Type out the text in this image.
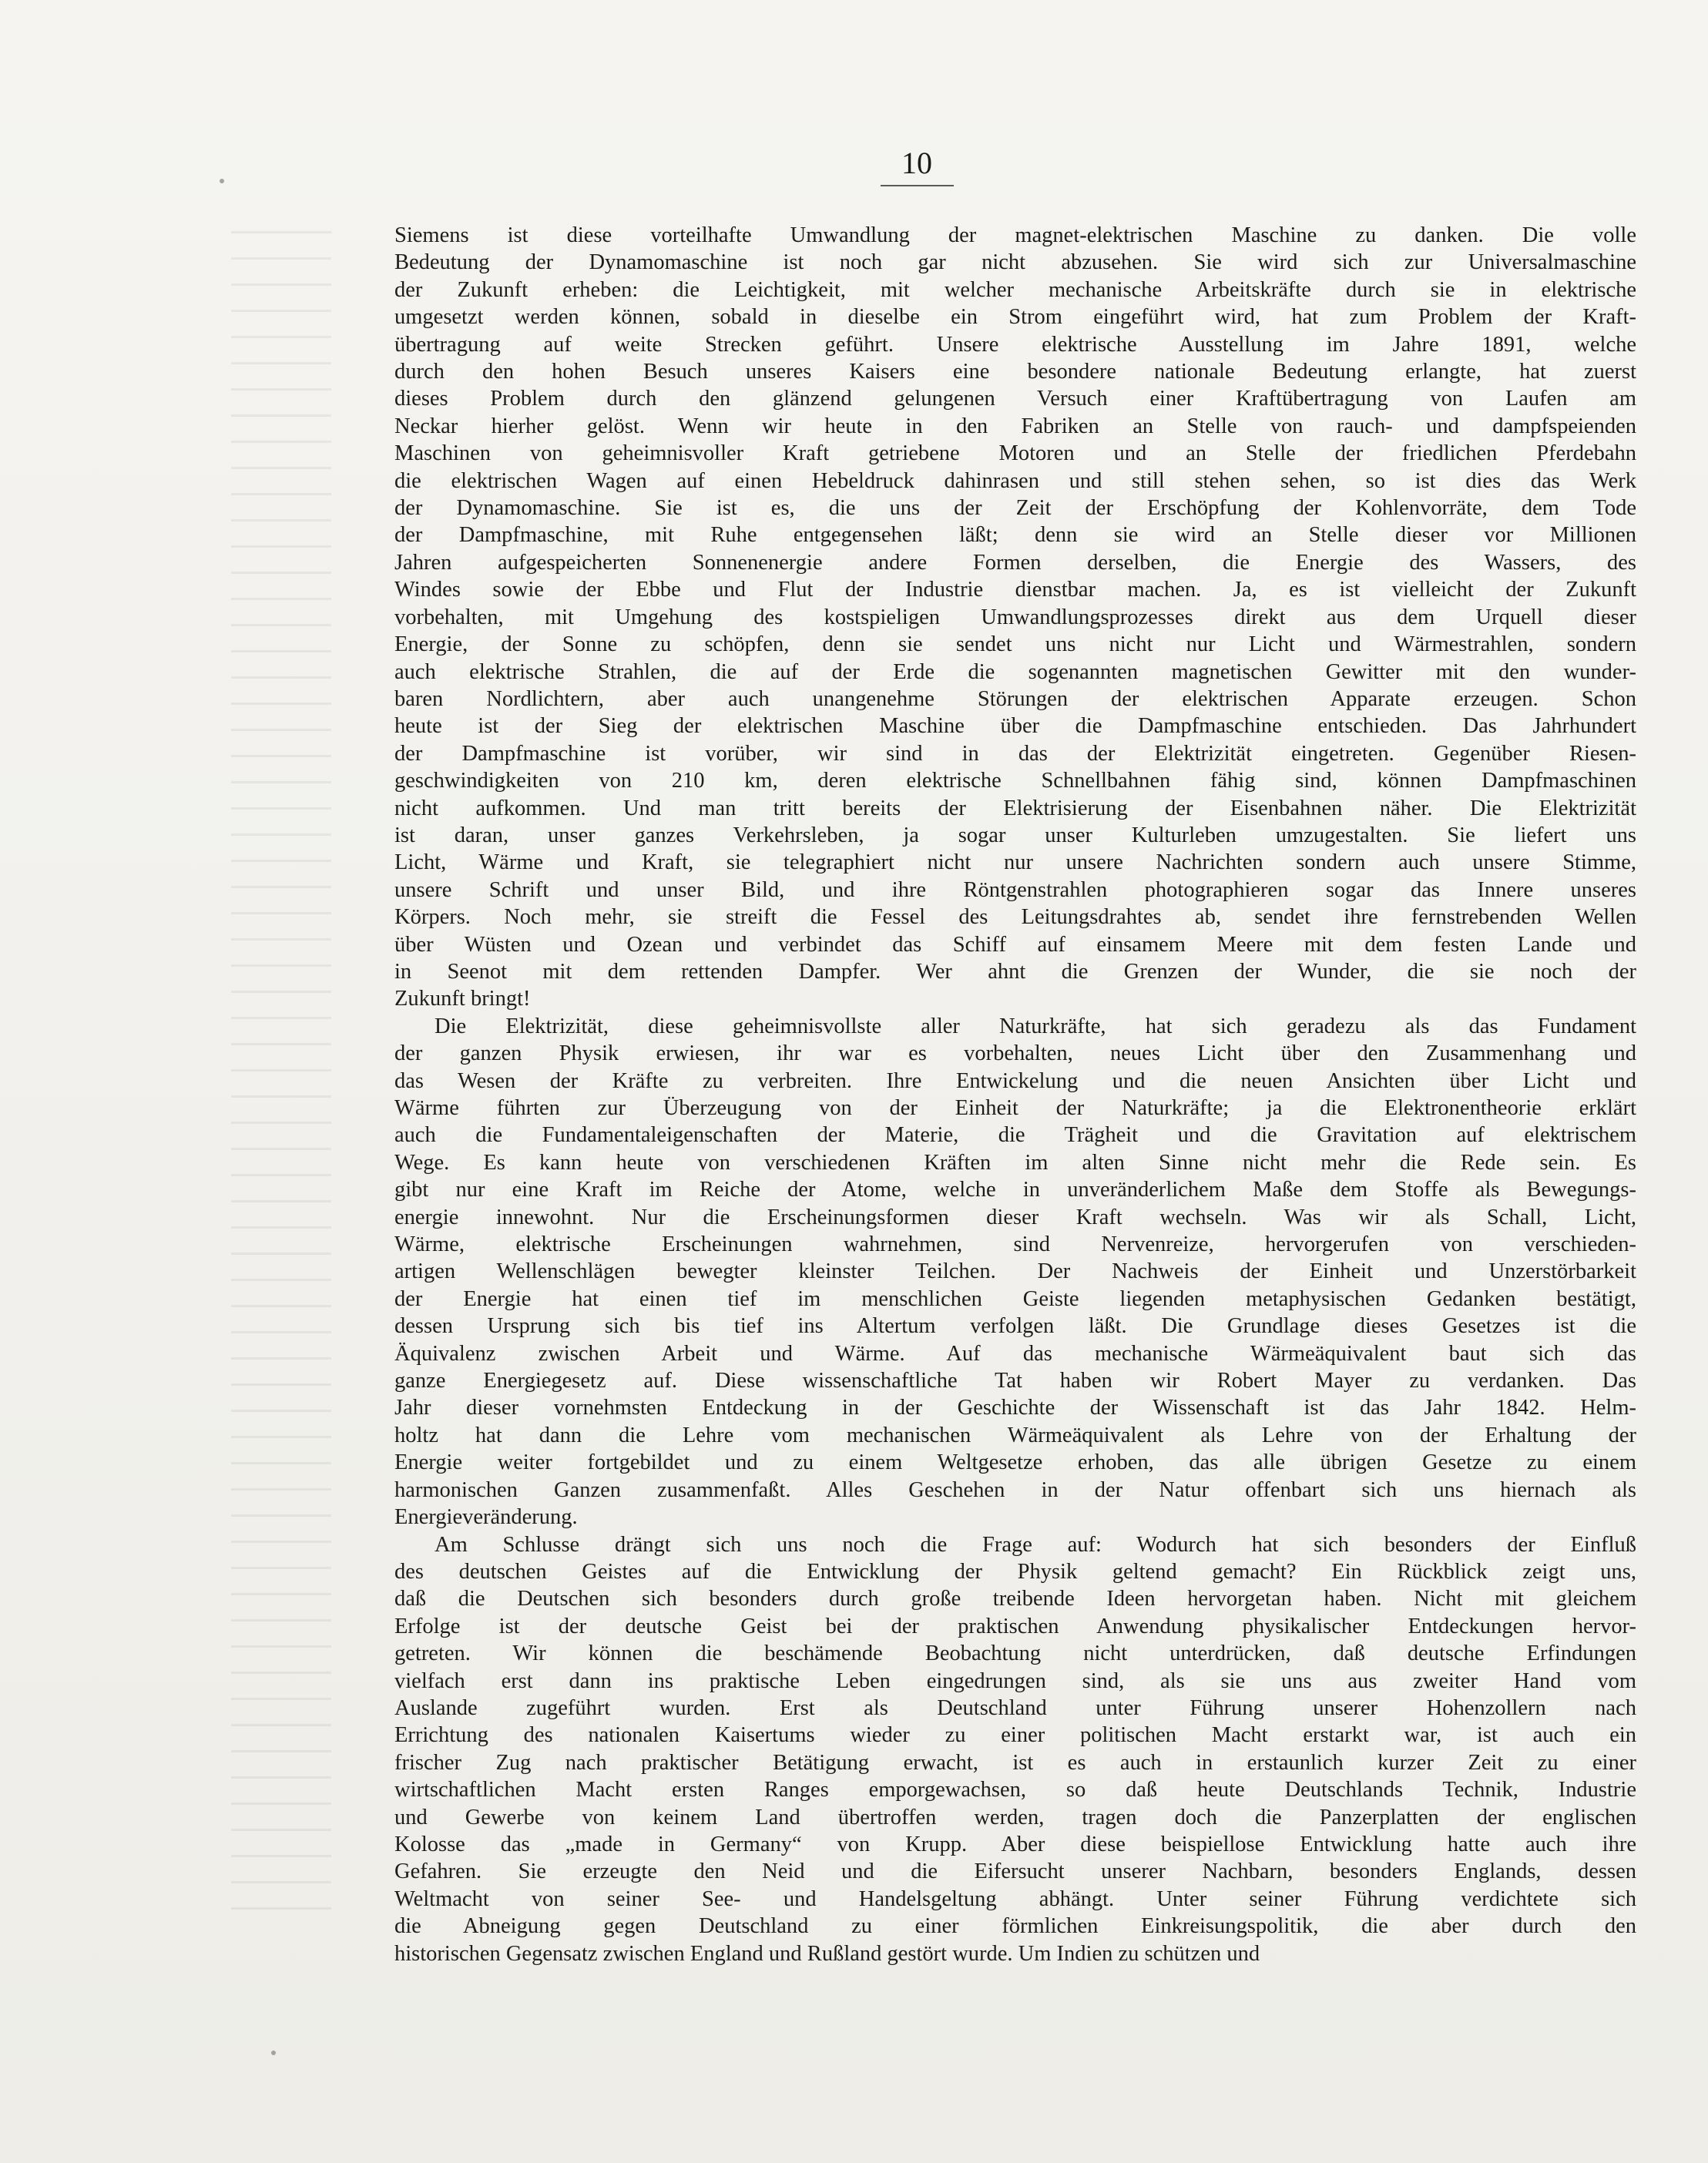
10

Siemens ist diese vorteilhafte Umwandlung der magnet-elektrischen Maschine zu danken. Die volle
Bedeutung der Dynamomaschine ist noch gar nicht abzusehen. Sie wird sich zur Universalmaschine
der Zukunft erheben: die Leichtigkeit, mit welcher mechanische Arbeitskräfte durch sie in elektrische
umgesetzt werden können, sobald in dieselbe ein Strom eingeführt wird, hat zum Problem der Kraft-
übertragung auf weite Strecken geführt. Unsere elektrische Ausstellung im Jahre 1891, welche
durch den hohen Besuch unseres Kaisers eine besondere nationale Bedeutung erlangte, hat zuerst
dieses Problem durch den glänzend gelungenen Versuch einer Kraftübertragung von Laufen am
Neckar hierher gelöst. Wenn wir heute in den Fabriken an Stelle von rauch- und dampfspeienden
Maschinen von geheimnisvoller Kraft getriebene Motoren und an Stelle der friedlichen Pferdebahn
die elektrischen Wagen auf einen Hebeldruck dahinrasen und still stehen sehen, so ist dies das Werk
der Dynamomaschine. Sie ist es, die uns der Zeit der Erschöpfung der Kohlenvorräte, dem Tode
der Dampfmaschine, mit Ruhe entgegensehen läßt; denn sie wird an Stelle dieser vor Millionen
Jahren aufgespeicherten Sonnenenergie andere Formen derselben, die Energie des Wassers, des
Windes sowie der Ebbe und Flut der Industrie dienstbar machen. Ja, es ist vielleicht der Zukunft
vorbehalten, mit Umgehung des kostspieligen Umwandlungsprozesses direkt aus dem Urquell dieser
Energie, der Sonne zu schöpfen, denn sie sendet uns nicht nur Licht und Wärmestrahlen, sondern
auch elektrische Strahlen, die auf der Erde die sogenannten magnetischen Gewitter mit den wunder-
baren Nordlichtern, aber auch unangenehme Störungen der elektrischen Apparate erzeugen. Schon
heute ist der Sieg der elektrischen Maschine über die Dampfmaschine entschieden. Das Jahrhundert
der Dampfmaschine ist vorüber, wir sind in das der Elektrizität eingetreten. Gegenüber Riesen-
geschwindigkeiten von 210 km, deren elektrische Schnellbahnen fähig sind, können Dampfmaschinen
nicht aufkommen. Und man tritt bereits der Elektrisierung der Eisenbahnen näher. Die Elektrizität
ist daran, unser ganzes Verkehrsleben, ja sogar unser Kulturleben umzugestalten. Sie liefert uns
Licht, Wärme und Kraft, sie telegraphiert nicht nur unsere Nachrichten sondern auch unsere Stimme,
unsere Schrift und unser Bild, und ihre Röntgenstrahlen photographieren sogar das Innere unseres
Körpers. Noch mehr, sie streift die Fessel des Leitungsdrahtes ab, sendet ihre fernstrebenden Wellen
über Wüsten und Ozean und verbindet das Schiff auf einsamem Meere mit dem festen Lande und
in Seenot mit dem rettenden Dampfer. Wer ahnt die Grenzen der Wunder, die sie noch der
Zukunft bringt!

Die Elektrizität, diese geheimnisvollste aller Naturkräfte, hat sich geradezu als das Fundament
der ganzen Physik erwiesen, ihr war es vorbehalten, neues Licht über den Zusammenhang und
das Wesen der Kräfte zu verbreiten. Ihre Entwickelung und die neuen Ansichten über Licht und
Wärme führten zur Überzeugung von der Einheit der Naturkräfte; ja die Elektronentheorie erklärt
auch die Fundamentaleigenschaften der Materie, die Trägheit und die Gravitation auf elektrischem
Wege. Es kann heute von verschiedenen Kräften im alten Sinne nicht mehr die Rede sein. Es
gibt nur eine Kraft im Reiche der Atome, welche in unveränderlichem Maße dem Stoffe als Bewegungs-
energie innewohnt. Nur die Erscheinungsformen dieser Kraft wechseln. Was wir als Schall, Licht,
Wärme, elektrische Erscheinungen wahrnehmen, sind Nervenreize, hervorgerufen von verschieden-
artigen Wellenschlägen bewegter kleinster Teilchen. Der Nachweis der Einheit und Unzerstörbarkeit
der Energie hat einen tief im menschlichen Geiste liegenden metaphysischen Gedanken bestätigt,
dessen Ursprung sich bis tief ins Altertum verfolgen läßt. Die Grundlage dieses Gesetzes ist die
Äquivalenz zwischen Arbeit und Wärme. Auf das mechanische Wärmeäquivalent baut sich das
ganze Energiegesetz auf. Diese wissenschaftliche Tat haben wir Robert Mayer zu verdanken. Das
Jahr dieser vornehmsten Entdeckung in der Geschichte der Wissenschaft ist das Jahr 1842. Helm-
holtz hat dann die Lehre vom mechanischen Wärmeäquivalent als Lehre von der Erhaltung der
Energie weiter fortgebildet und zu einem Weltgesetze erhoben, das alle übrigen Gesetze zu einem
harmonischen Ganzen zusammenfaßt. Alles Geschehen in der Natur offenbart sich uns hiernach als
Energieveränderung.

Am Schlusse drängt sich uns noch die Frage auf: Wodurch hat sich besonders der Einfluß
des deutschen Geistes auf die Entwicklung der Physik geltend gemacht? Ein Rückblick zeigt uns,
daß die Deutschen sich besonders durch große treibende Ideen hervorgetan haben. Nicht mit gleichem
Erfolge ist der deutsche Geist bei der praktischen Anwendung physikalischer Entdeckungen hervor-
getreten. Wir können die beschämende Beobachtung nicht unterdrücken, daß deutsche Erfindungen
vielfach erst dann ins praktische Leben eingedrungen sind, als sie uns aus zweiter Hand vom
Auslande zugeführt wurden. Erst als Deutschland unter Führung unserer Hohenzollern nach
Errichtung des nationalen Kaisertums wieder zu einer politischen Macht erstarkt war, ist auch ein
frischer Zug nach praktischer Betätigung erwacht, ist es auch in erstaunlich kurzer Zeit zu einer
wirtschaftlichen Macht ersten Ranges emporgewachsen, so daß heute Deutschlands Technik, Industrie
und Gewerbe von keinem Land übertroffen werden, tragen doch die Panzerplatten der englischen
Kolosse das „made in Germany“ von Krupp. Aber diese beispiellose Entwicklung hatte auch ihre
Gefahren. Sie erzeugte den Neid und die Eifersucht unserer Nachbarn, besonders Englands, dessen
Weltmacht von seiner See- und Handelsgeltung abhängt. Unter seiner Führung verdichtete sich
die Abneigung gegen Deutschland zu einer förmlichen Einkreisungspolitik, die aber durch den
historischen Gegensatz zwischen England und Rußland gestört wurde. Um Indien zu schützen und
